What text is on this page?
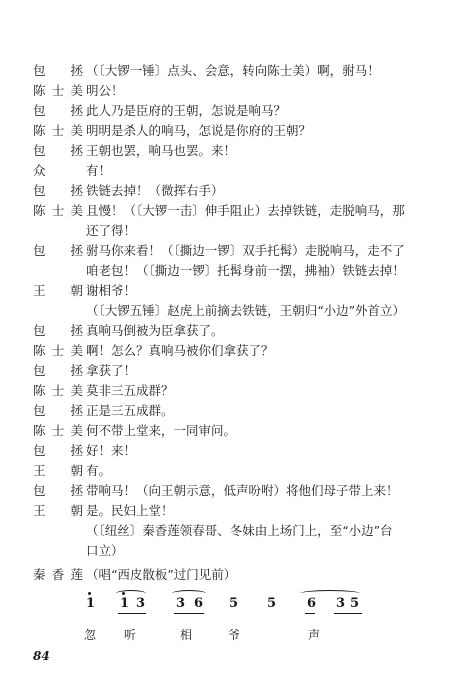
包　拯 （〔大锣一锤〕点头、会意，转向陈士美）啊，驸马！
陈士美 明公！
包　拯 此人乃是臣府的王朝，怎说是响马？
陈士美 明明是杀人的响马，怎说是你府的王朝？
包　拯 王朝也罢，响马也罢。来！
众	有！
包　拯 铁链去掉！（微挥右手）
陈士美 且慢！（〔大锣一击〕伸手阻止）去掉铁链，走脱响马，那
还了得！
包　拯 驸马你来看！（〔撕边一锣〕双手托髯）走脱响马，走不了
咱老包！（〔撕边一锣〕托髯身前一摆，拂袖）铁链去掉！
王　朝 谢相爷！
（〔大锣五锤〕赵虎上前摘去铁链，王朝归“小边”外首立）
包　拯 真响马倒被为臣拿获了。
陈士美 啊！怎么？真响马被你们拿获了？
包　拯 拿获了！
陈士美 莫非三五成群？
包　拯 正是三五成群。
陈士美 何不带上堂来，一同审问。
包　拯 好！来！
王　朝 有。
包　拯 带响马！（向王朝示意，低声吩咐）将他们母子带上来！
王　朝 是。民妇上堂！
（〔纽丝〕秦香莲领春哥、冬妹由上场门上，至“小边”台
口立）
秦香莲 （唱“西皮散板”过门见前）
1 1 3 3 6 5 5 6 3 5
忽 听	相	爷	声
84
